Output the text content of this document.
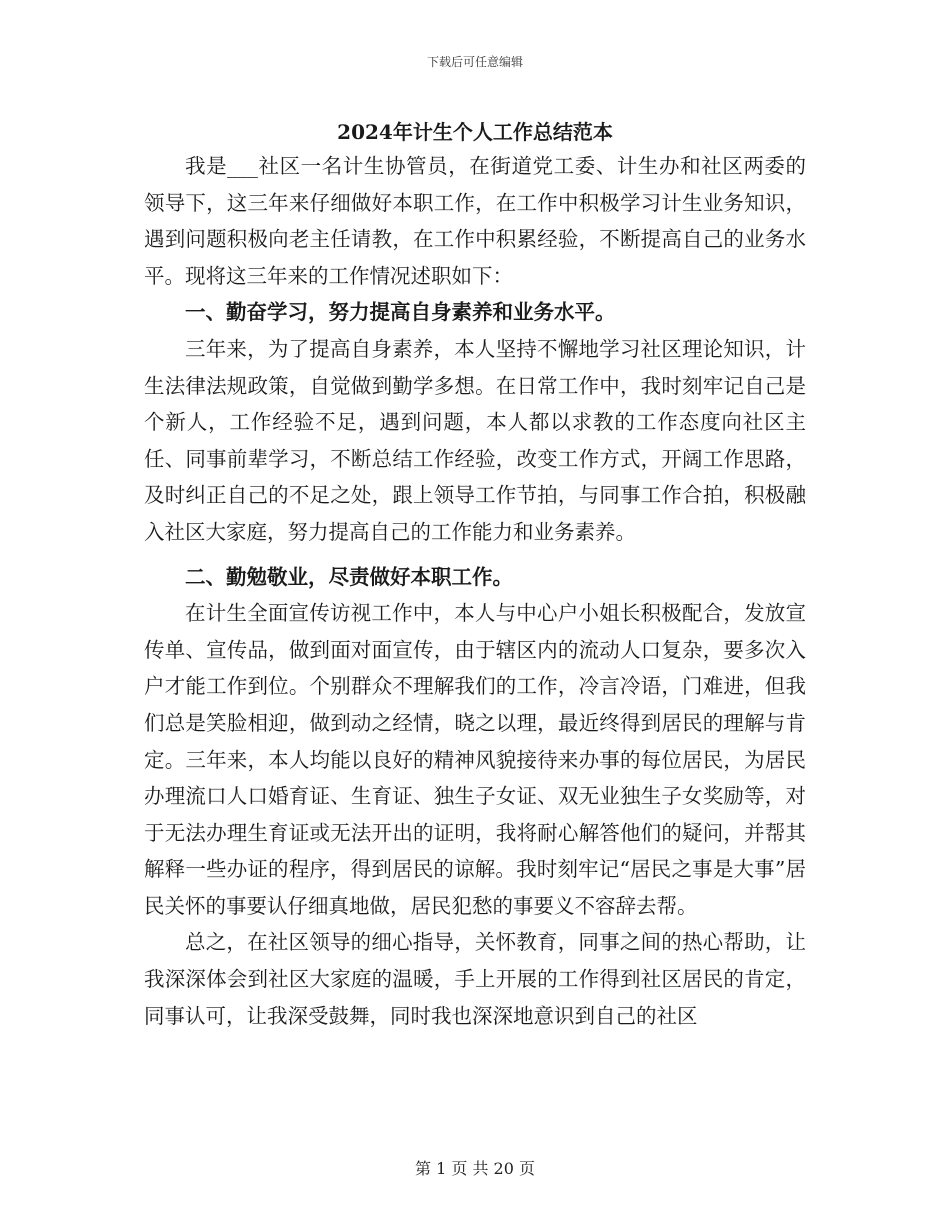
下载后可任意编辑
2024年计生个人工作总结范本

我是___社区一名计生协管员，在街道党工委、计生办和社区两委的领导下，这三年来仔细做好本职工作，在工作中积极学习计生业务知识，遇到问题积极向老主任请教，在工作中积累经验，不断提高自己的业务水平。现将这三年来的工作情况述职如下：

一、勤奋学习，努力提高自身素养和业务水平。

三年来，为了提高自身素养，本人坚持不懈地学习社区理论知识，计生法律法规政策，自觉做到勤学多想。在日常工作中，我时刻牢记自己是个新人，工作经验不足，遇到问题，本人都以求教的工作态度向社区主任、同事前辈学习，不断总结工作经验，改变工作方式，开阔工作思路，及时纠正自己的不足之处，跟上领导工作节拍，与同事工作合拍，积极融入社区大家庭，努力提高自己的工作能力和业务素养。

二、勤勉敬业，尽责做好本职工作。

在计生全面宣传访视工作中，本人与中心户小姐长积极配合，发放宣传单、宣传品，做到面对面宣传，由于辖区内的流动人口复杂，要多次入户才能工作到位。个别群众不理解我们的工作，冷言冷语，门难进，但我们总是笑脸相迎，做到动之经情，晓之以理，最近终得到居民的理解与肯定。三年来，本人均能以良好的精神风貌接待来办事的每位居民，为居民办理流口人口婚育证、生育证、独生子女证、双无业独生子女奖励等，对于无法办理生育证或无法开出的证明，我将耐心解答他们的疑问，并帮其解释一些办证的程序，得到居民的谅解。我时刻牢记“居民之事是大事”居民关怀的事要认仔细真地做，居民犯愁的事要义不容辞去帮。

总之，在社区领导的细心指导，关怀教育，同事之间的热心帮助，让我深深体会到社区大家庭的温暖，手上开展的工作得到社区居民的肯定，同事认可，让我深受鼓舞，同时我也深深地意识到自己的社区

第 1 页 共 20 页
